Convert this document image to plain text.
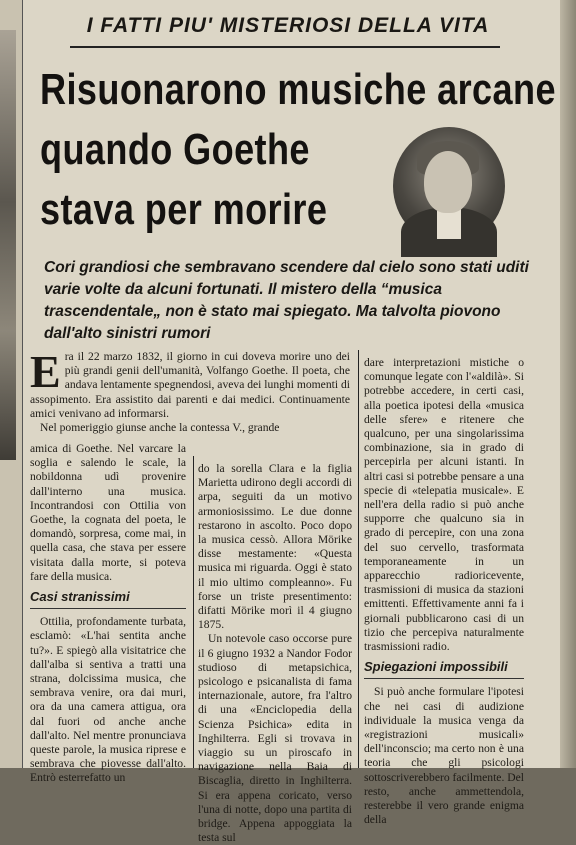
I FATTI PIU' MISTERIOSI DELLA VITA
Risuonarono musiche arcane
quando Goethe
stava per morire
Cori grandiosi che sembravano scendere dal cielo sono stati uditi varie volte da alcuni fortunati. Il mistero della “musica trascendentale„ non è stato mai spiegato. Ma talvolta piovono dall'alto sinistri rumori
E ra il 22 marzo 1832, il giorno in cui doveva morire uno dei più grandi genii dell'umanità, Volfango Goethe. Il poeta, che andava lentamente spegnendosi, aveva dei lunghi momenti di assopimento. Era assistito dai parenti e dai medici. Continuamente amici venivano ad informarsi.

Nel pomeriggio giunse anche la contessa V., grande

amica di Goethe. Nel varcare la soglia e salendo le scale, la nobildonna udì provenire dall'interno una musica. Incontrandosi con Ottilia von Goethe, la cognata del poeta, le domandò, sorpresa, come mai, in quella casa, che stava per essere visitata dalla morte, si poteva fare della musica.

Casi stranissimi

Ottilia, profondamente turbata, esclamò: «L'hai sentita anche tu?». E spiegò alla visitatrice che dall'alba si sentiva a tratti una strana, dolcissima musica, che sembrava venire, ora dai muri, ora da una camera attigua, ora dal fuori od anche anche dall'alto. Nel mentre pronunciava queste parole, la musica riprese e sembrava che piovesse dall'alto. Entrò esterrefatto un

do la sorella Clara e la figlia Marietta udirono degli accordi di arpa, seguiti da un motivo armoniosissimo. Le due donne restarono in ascolto. Poco dopo la musica cessò. Allora Mörike disse mestamente: «Questa musica mi riguarda. Oggi è stato il mio ultimo compleanno». Fu forse un triste presentimento: difatti Mörike morì il 4 giugno 1875.

Un notevole caso occorse pure il 6 giugno 1932 a Nandor Fodor studioso di metapsichica, psicologo e psicanalista di fama internazionale, autore, fra l'altro di una «Enciclopedia della Scienza Psichica» edita in Inghilterra. Egli si trovava in viaggio su un piroscafo in navigazione nella Baia di Biscaglia, diretto in Inghilterra. Si era appena coricato, verso l'una di notte, dopo una partita di bridge. Appena appoggiata la testa sul

dare interpretazioni mistiche o comunque legate con l'«aldilà». Si potrebbe accedere, in certi casi, alla poetica ipotesi della «musica delle sfere» e ritenere che qualcuno, per una singolarissima combinazione, sia in grado di percepirla per alcuni istanti. In altri casi si potrebbe pensare a una specie di «telepatia musicale». E nell'era della radio si può anche supporre che qualcuno sia in grado di percepire, con una zona del suo cervello, trasformata temporaneamente in un apparecchio radioricevente, trasmissioni di musica da stazioni emittenti. Effettivamente anni fa i giornali pubblicarono casi di un tizio che percepiva naturalmente trasmissioni radio.

Spiegazioni impossibili

Si può anche formulare l'ipotesi che nei casi di audizione individuale la musica venga da «registrazioni musicali» dell'inconscio; ma certo non è una teoria che gli psicologi sottoscriverebbero facilmente. Del resto, anche ammettendola, resterebbe il vero grande enigma della
